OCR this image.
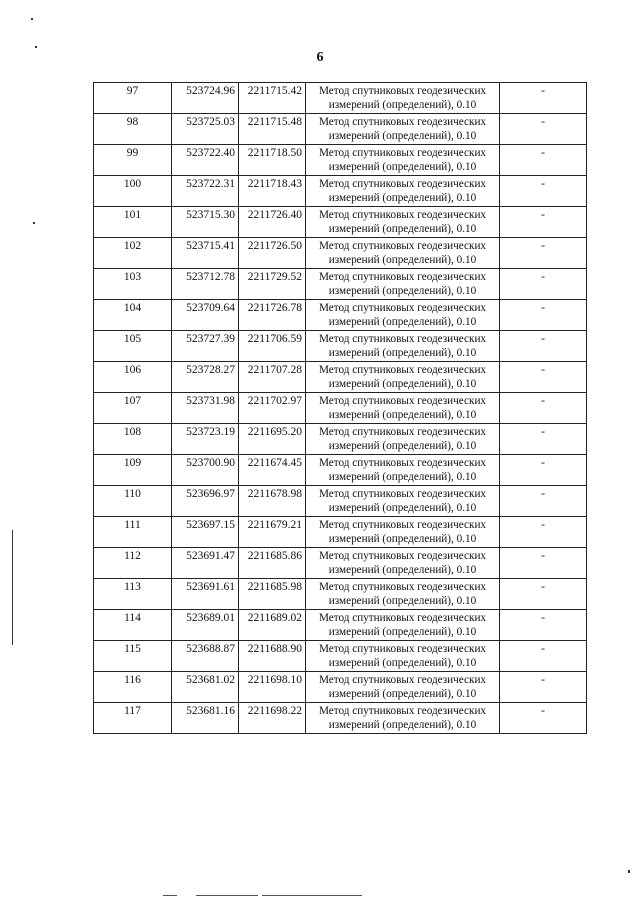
6
97	523724.96	2211715.42	Метод спутниковых геодезических
измерений (определений), 0.10	-
98	523725.03	2211715.48	Метод спутниковых геодезических
измерений (определений), 0.10	-
99	523722.40	2211718.50	Метод спутниковых геодезических
измерений (определений), 0.10	-
100	523722.31	2211718.43	Метод спутниковых геодезических
измерений (определений), 0.10	-
101	523715.30	2211726.40	Метод спутниковых геодезических
измерений (определений), 0.10	-
102	523715.41	2211726.50	Метод спутниковых геодезических
измерений (определений), 0.10	-
103	523712.78	2211729.52	Метод спутниковых геодезических
измерений (определений), 0.10	-
104	523709.64	2211726.78	Метод спутниковых геодезических
измерений (определений), 0.10	-
105	523727.39	2211706.59	Метод спутниковых геодезических
измерений (определений), 0.10	-
106	523728.27	2211707.28	Метод спутниковых геодезических
измерений (определений), 0.10	-
107	523731.98	2211702.97	Метод спутниковых геодезических
измерений (определений), 0.10	-
108	523723.19	2211695.20	Метод спутниковых геодезических
измерений (определений), 0.10	-
109	523700.90	2211674.45	Метод спутниковых геодезических
измерений (определений), 0.10	-
110	523696.97	2211678.98	Метод спутниковых геодезических
измерений (определений), 0.10	-
111	523697.15	2211679.21	Метод спутниковых геодезических
измерений (определений), 0.10	-
112	523691.47	2211685.86	Метод спутниковых геодезических
измерений (определений), 0.10	-
113	523691.61	2211685.98	Метод спутниковых геодезических
измерений (определений), 0.10	-
114	523689.01	2211689.02	Метод спутниковых геодезических
измерений (определений), 0.10	-
115	523688.87	2211688.90	Метод спутниковых геодезических
измерений (определений), 0.10	-
116	523681.02	2211698.10	Метод спутниковых геодезических
измерений (определений), 0.10	-
117	523681.16	2211698.22	Метод спутниковых геодезических
измерений (определений), 0.10	-
